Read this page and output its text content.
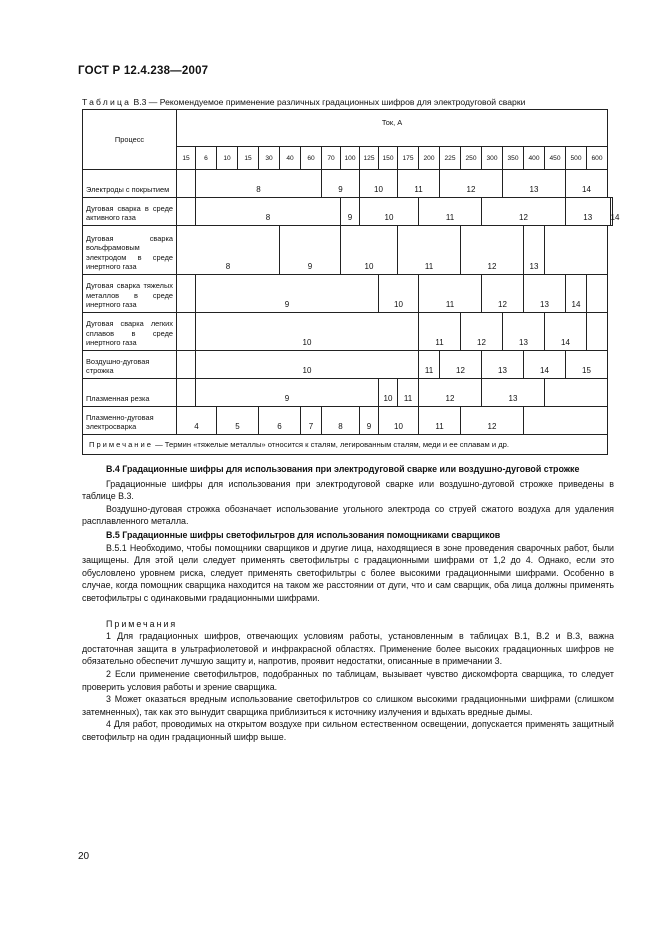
ГОСТ Р 12.4.238—2007
Таблица В.3 — Рекомендуемое применение различных градационных шифров для электродуговой сварки
Процесс	Ток, А																					
	15	6	10	15	30	40	60	70	100	125	150	175	200	225	250	300	350	400	450	500	600	
Электроды с покрытием		8						9		10		11		12			13			14		
Дуговая сварка в среде активного газа		8							9	10			11			12				13		14
Дуговая сварка вольфрамовым электродом в среде инертного газа	8					9			10			11			12			13				
Дуговая сварка тяжелых металлов в среде инертного газа		9									10		11			12		13		14		
Дуговая сварка легких сплавов в среде инертного газа		10											11		12		13		14			
Воздушно-дуговая строжка		10											11	12		13		14		15		
Плазменная резка		9									10	11	12			13						
Плазменно-дуговая электросварка	4		5		6		7	8		9	10		11		12							
Примечание — Термин «тяжелые металлы» относится к сталям, легированным сталям, меди и ее сплавам и др.																						

В.4 Градационные шифры для использования при электродуговой сварке или воздушно-дуговой строжке

Градационные шифры для использования при электродуговой сварке или воздушно-дуговой строжке приведены в таблице В.3.

Воздушно-дуговая строжка обозначает использование угольного электрода со струей сжатого воздуха для удаления расплавленного металла.

В.5 Градационные шифры светофильтров для использования помощниками сварщиков

В.5.1 Необходимо, чтобы помощники сварщиков и другие лица, находящиеся в зоне проведения сварочных работ, были защищены. Для этой цели следует применять светофильтры с градационными шифрами от 1,2 до 4. Однако, если это обусловлено уровнем риска, следует применять светофильтры с более высокими градационными шифрами. Особенно в случае, когда помощник сварщика находится на таком же расстоянии от дуги, что и сам сварщик, оба лица должны применять светофильтры с одинаковыми градационными шифрами.

Примечания

1 Для градационных шифров, отвечающих условиям работы, установленным в таблицах В.1, В.2 и В.3, важна достаточная защита в ультрафиолетовой и инфракрасной областях. Применение более высоких градационных шифров не обязательно обеспечит лучшую защиту и, напротив, проявит недостатки, описанные в примечании 3.

2 Если применение светофильтров, подобранных по таблицам, вызывает чувство дискомфорта сварщика, то следует проверить условия работы и зрение сварщика.

3 Может оказаться вредным использование светофильтров со слишком высокими градационными шифрами (слишком затемненных), так как это вынудит сварщика приблизиться к источнику излучения и вдыхать вредные дымы.

4 Для работ, проводимых на открытом воздухе при сильном естественном освещении, допускается применять защитный светофильтр на один градационный шифр выше.

20
